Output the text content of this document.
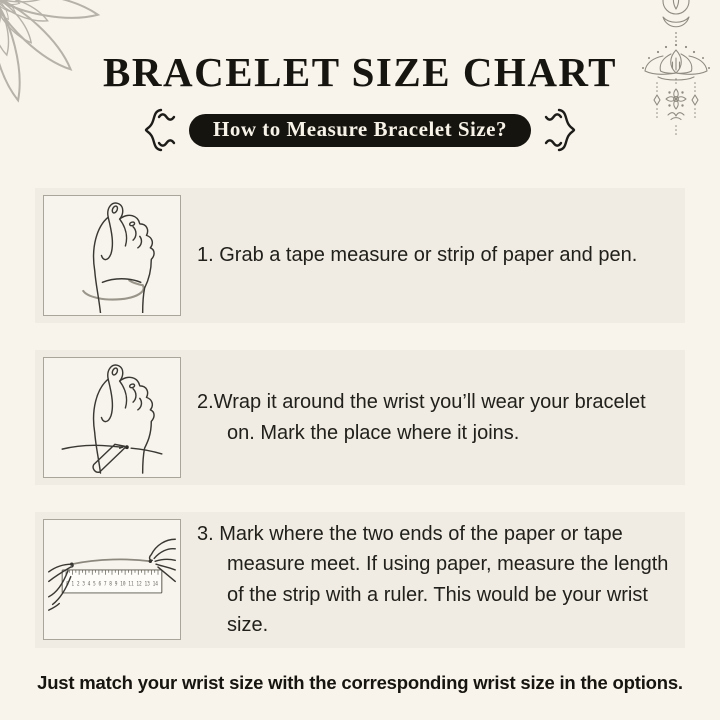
BRACELET SIZE CHART
How to Measure Bracelet Size?

1. Grab a tape measure or strip of paper and pen.

2.Wrap it around the wrist you’ll wear your bracelet on. Mark the place where it joins.

0 1 2 3 4 5 6 7 8 9 10 11 12 13 14

3. Mark where the two ends of the paper or tape measure meet. If using paper, measure the length of the strip with a ruler. This would be your wrist size.

Just match your wrist size with the corresponding wrist size in the options.
